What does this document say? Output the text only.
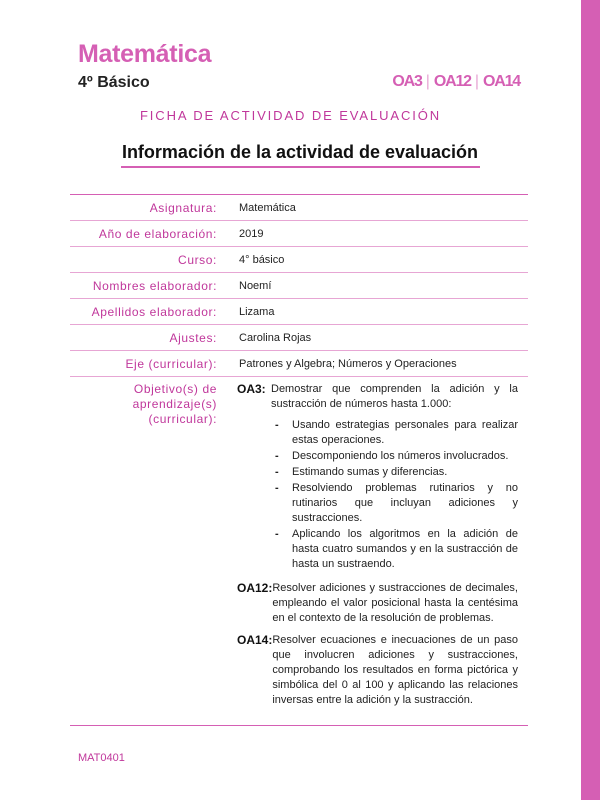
Matemática
4º Básico	OA3 | OA12 | OA14
FICHA DE ACTIVIDAD DE EVALUACIÓN
Información de la actividad de evaluación
Asignatura:	Matemática
Año de elaboración:	2019
Curso:	4° básico
Nombres elaborador:	Noemí
Apellidos elaborador:	Lizama
Ajustes:	Carolina Rojas
Eje (curricular):	Patrones y Algebra; Números y Operaciones
Objetivo(s) de aprendizaje(s) (curricular):
OA3: Demostrar que comprenden la adición y la sustracción de números hasta 1.000:
- Usando estrategias personales para realizar estas operaciones.
- Descomponiendo los números involucrados.
- Estimando sumas y diferencias.
- Resolviendo problemas rutinarios y no rutinarios que incluyan adiciones y sustracciones.
- Aplicando los algoritmos en la adición de hasta cuatro sumandos y en la sustracción de hasta un sustraendo.
OA12: Resolver adiciones y sustracciones de decimales, empleando el valor posicional hasta la centésima en el contexto de la resolución de problemas.
OA14: Resolver ecuaciones e inecuaciones de un paso que involucren adiciones y sustracciones, comprobando los resultados en forma pictórica y simbólica del 0 al 100 y aplicando las relaciones inversas entre la adición y la sustracción.
MAT0401
